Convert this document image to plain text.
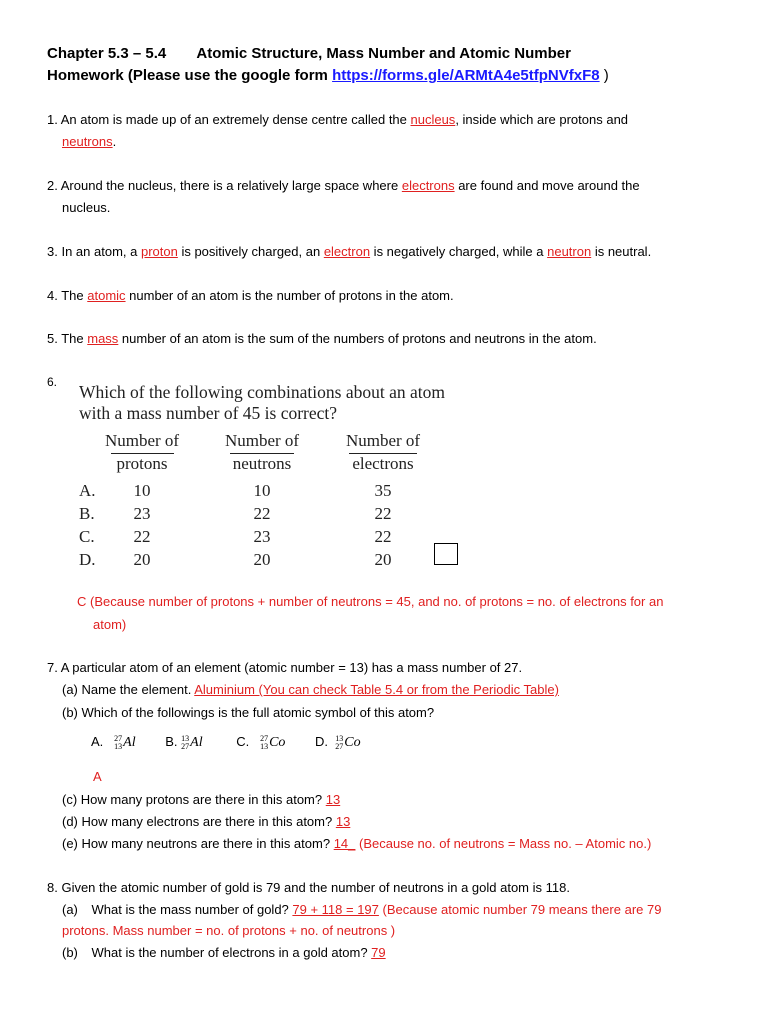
Chapter 5.3 – 5.4 Atomic Structure, Mass Number and Atomic Number
Homework (Please use the google form https://forms.gle/ARMtA4e5tfpNVfxF8 )
1. An atom is made up of an extremely dense centre called the nucleus, inside which are protons and
neutrons.
2. Around the nucleus, there is a relatively large space where electrons are found and move around the
nucleus.
3. In an atom, a proton is positively charged, an electron is negatively charged, while a neutron is neutral.
4. The atomic number of an atom is the number of protons in the atom.
5. The mass number of an atom is the sum of the numbers of protons and neutrons in the atom.
6. Which of the following combinations about an atom
with a mass number of 45 is correct?
Number of
protons
Number of
neutrons
Number of
electrons
A.	10	10	35
B.	23	22	22
C.	22	23	22
D.	20	20	20
C (Because number of protons + number of neutrons = 45, and no. of protons = no. of electrons for an
atom)
7. A particular atom of an element (atomic number = 13) has a mass number of 27.
(a) Name the element. Aluminium (You can check Table 5.4 or from the Periodic Table)
(b) Which of the followings is the full atomic symbol of this atom?
A. 27
13Al B. 13
27Al	C. 27
13Co D. 13
27Co
A
(c) How many protons are there in this atom? 13
(d) How many electrons are there in this atom? 13
(e) How many neutrons are there in this atom? 14_ (Because no. of neutrons = Mass no. – Atomic no.)
8. Given the atomic number of gold is 79 and the number of neutrons in a gold atom is 118.
(a) What is the mass number of gold? 79 + 118 = 197 (Because atomic number 79 means there are 79
protons. Mass number = no. of protons + no. of neutrons )
(b) What is the number of electrons in a gold atom? 79
